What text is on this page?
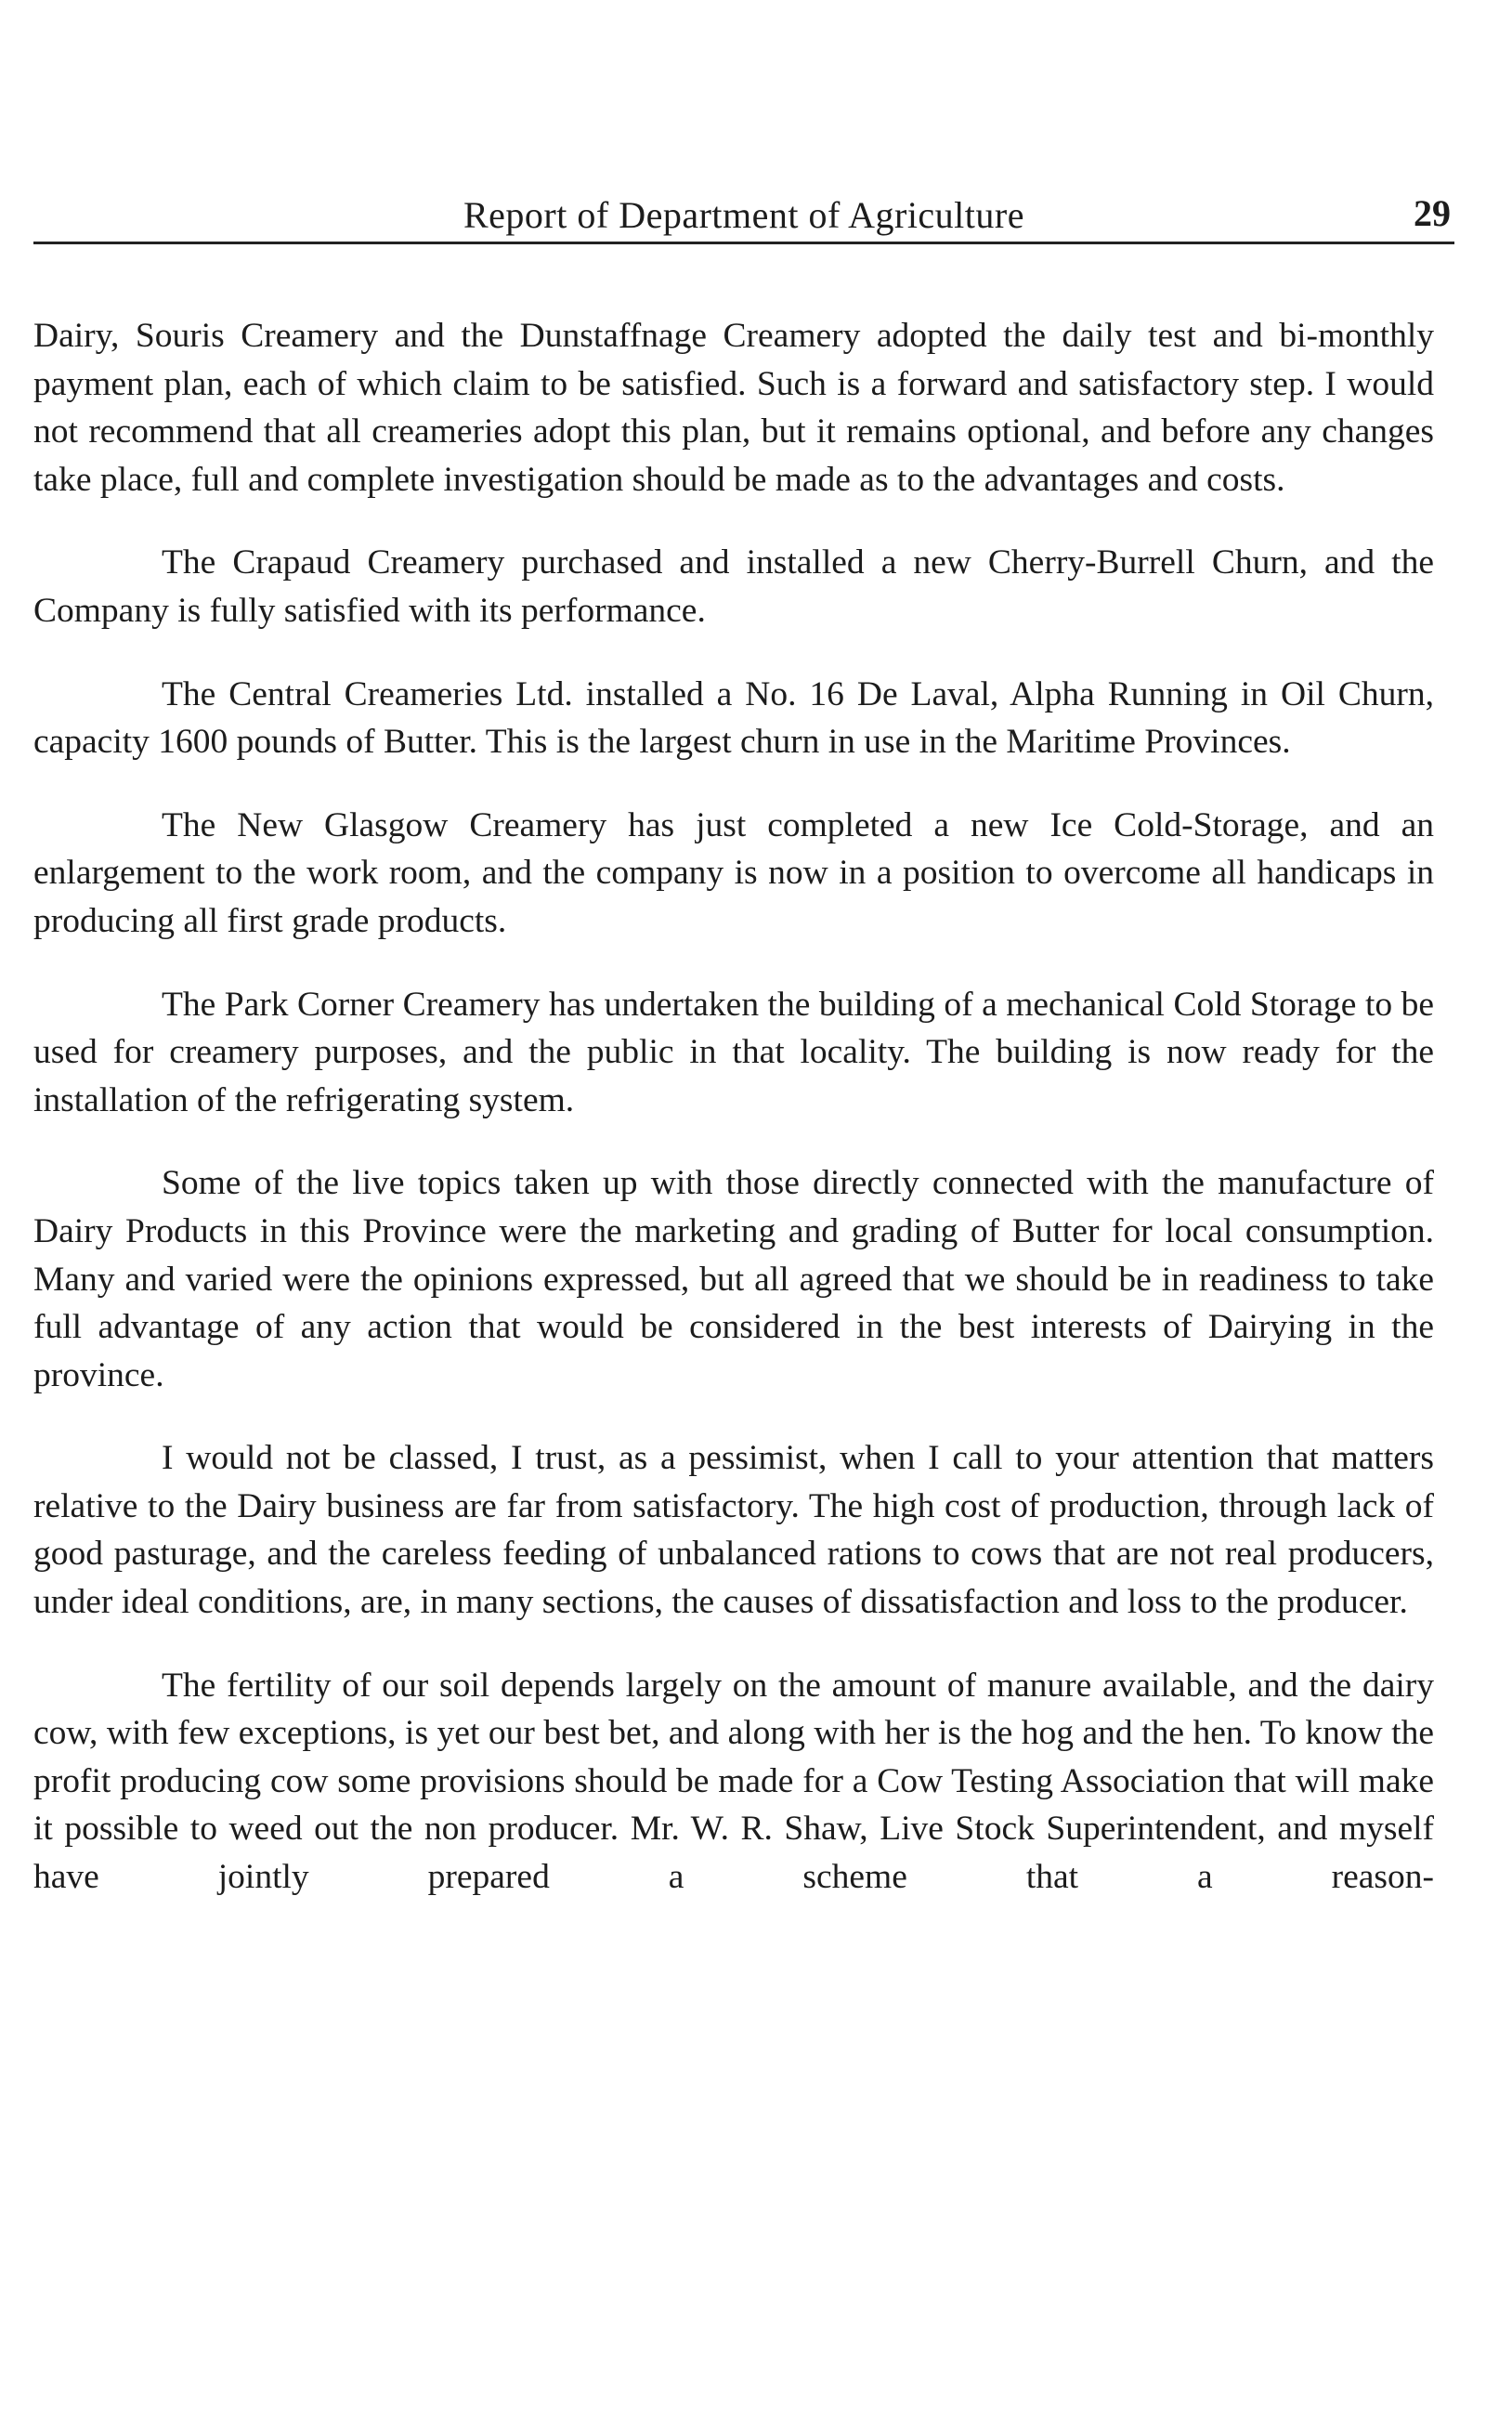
Report of Department of Agriculture	29

Dairy, Souris Creamery and the Dunstaffnage Creamery adopted the daily test and bi-monthly payment plan, each of which claim to be satisfied. Such is a forward and satisfactory step. I would not recommend that all creameries adopt this plan, but it remains optional, and before any changes take place, full and complete investigation should be made as to the advantages and costs.

The Crapaud Creamery purchased and installed a new Cherry-Burrell Churn, and the Company is fully satisfied with its performance.

The Central Creameries Ltd. installed a No. 16 De Laval, Alpha Running in Oil Churn, capacity 1600 pounds of Butter. This is the largest churn in use in the Maritime Provinces.

The New Glasgow Creamery has just completed a new Ice Cold-Storage, and an enlargement to the work room, and the company is now in a position to overcome all handicaps in producing all first grade products.

The Park Corner Creamery has undertaken the building of a mechanical Cold Storage to be used for creamery purposes, and the public in that locality. The building is now ready for the installation of the refrigerating system.

Some of the live topics taken up with those directly connected with the manufacture of Dairy Products in this Province were the marketing and grading of Butter for local consumption. Many and varied were the opinions expressed, but all agreed that we should be in readiness to take full advantage of any action that would be considered in the best interests of Dairying in the province.

I would not be classed, I trust, as a pessimist, when I call to your attention that matters relative to the Dairy business are far from satisfactory. The high cost of production, through lack of good pasturage, and the careless feeding of unbalanced rations to cows that are not real producers, under ideal conditions, are, in many sections, the causes of dissatisfaction and loss to the producer.

The fertility of our soil depends largely on the amount of manure available, and the dairy cow, with few exceptions, is yet our best bet, and along with her is the hog and the hen. To know the profit producing cow some provisions should be made for a Cow Testing Association that will make it possible to weed out the non producer. Mr. W. R. Shaw, Live Stock Superintendent, and myself have jointly prepared a scheme that a reason-
